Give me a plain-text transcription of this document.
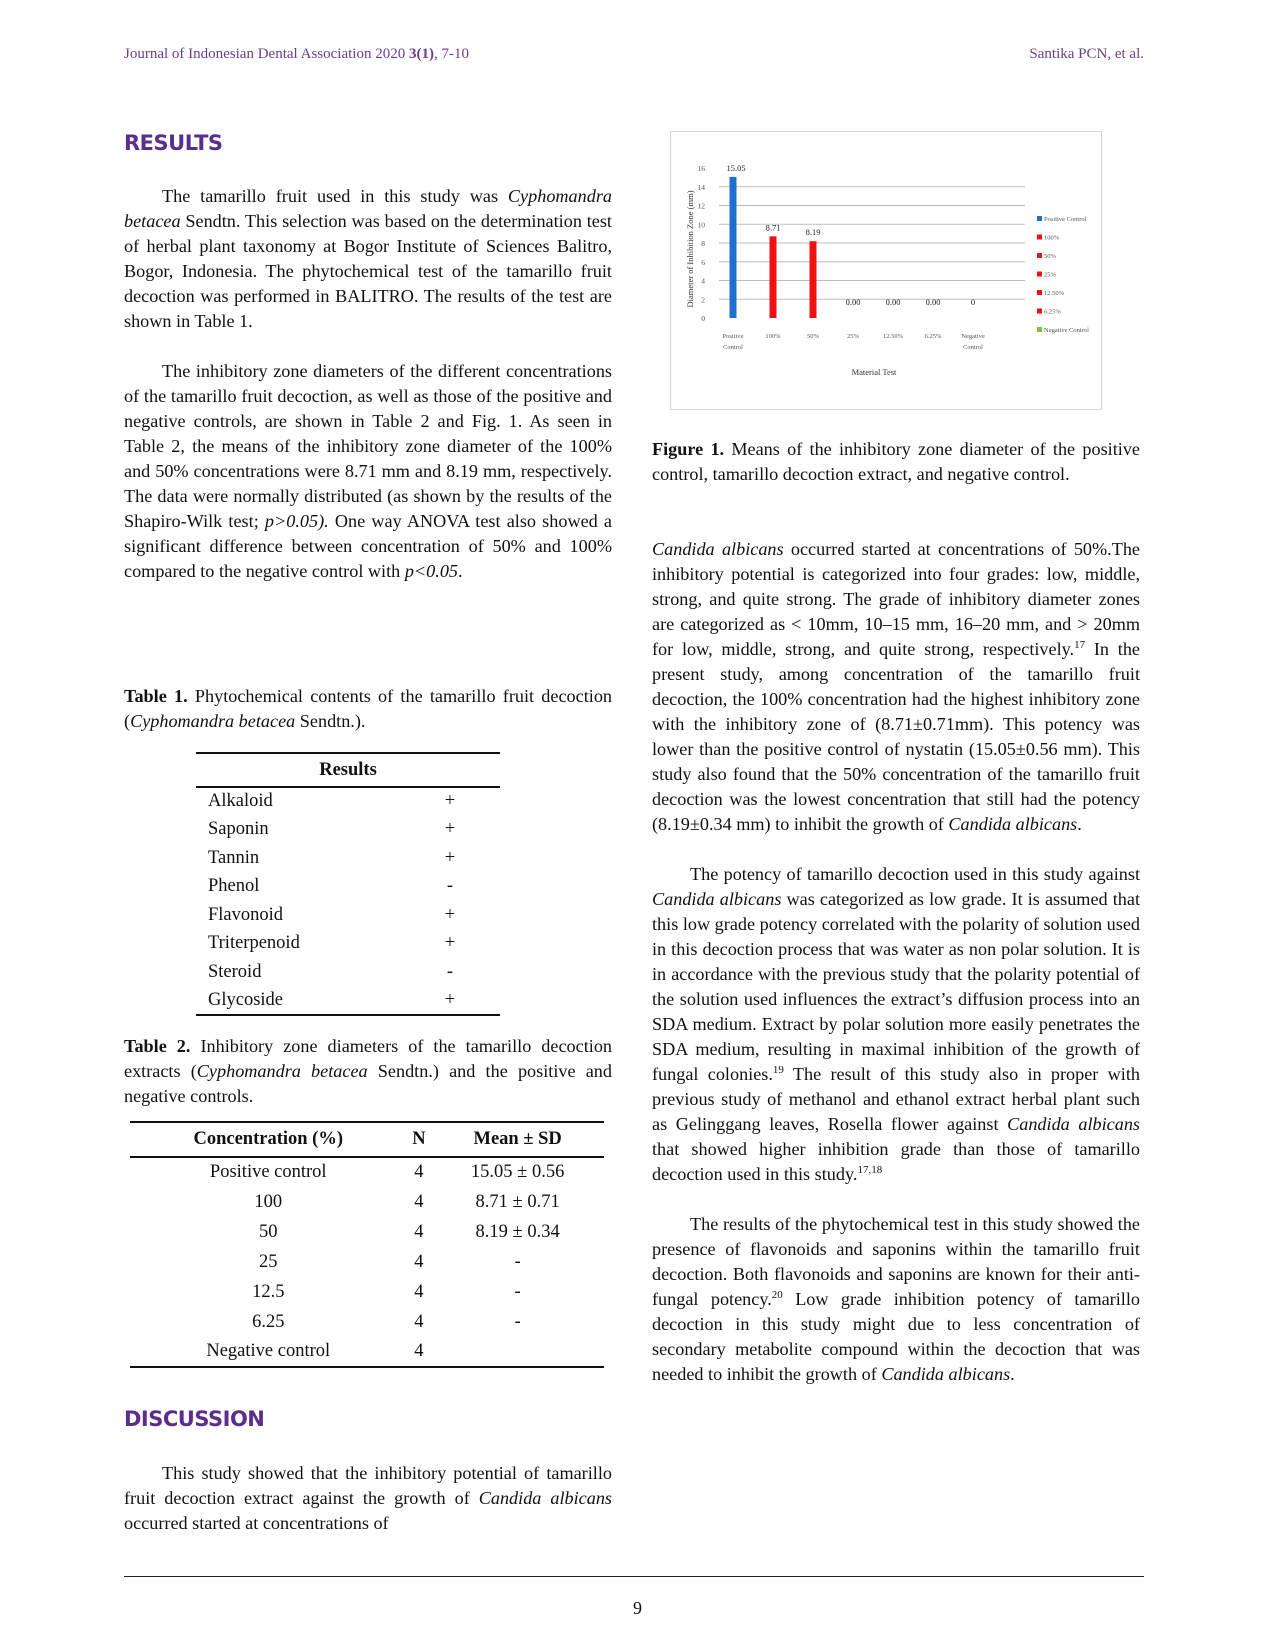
Journal of Indonesian Dental Association 2020 3(1), 7-10	Santika PCN, et al.
RESULTS

The tamarillo fruit used in this study was Cyphomandra betacea Sendtn. This selection was based on the determination test of herbal plant taxonomy at Bogor Institute of Sciences Balitro, Bogor, Indonesia. The phytochemical test of the tamarillo fruit decoction was performed in BALITRO. The results of the test are shown in Table 1.

The inhibitory zone diameters of the different concentrations of the tamarillo fruit decoction, as well as those of the positive and negative controls, are shown in Table 2 and Fig. 1. As seen in Table 2, the means of the inhibitory zone diameter of the 100% and 50% concentrations were 8.71 mm and 8.19 mm, respectively. The data were normally distributed (as shown by the results of the Shapiro-Wilk test; p>0.05). One way ANOVA test also showed a significant difference between concentration of 50% and 100% compared to the negative control with p<0.05.

Table 1. Phytochemical contents of the tamarillo fruit decoction (Cyphomandra betacea Sendtn.).
Results	
Alkaloid	+
Saponin	+
Tannin	+
Phenol	-
Flavonoid	+
Triterpenoid	+
Steroid	-
Glycoside	+
Table 2. Inhibitory zone diameters of the tamarillo decoction extracts (Cyphomandra betacea Sendtn.) and the positive and negative controls.
Concentration (%)	N	Mean ± SD
Positive control	4	15.05 ± 0.56
100	4	8.71 ± 0.71
50	4	8.19 ± 0.34
25	4	-
12.5	4	-
6.25	4	-
Negative control	4	
DISCUSSION

This study showed that the inhibitory potential of tamarillo fruit decoction extract against the growth of Candida albicans occurred started at concentrations of

0
2
4
6
8
10
12
14
16
Diameter of Inhibition Zone (mm)
15.05
Positive
Control
8.71
100%
8.19
50%
0.00
25%
0.00
12.50%
0.00
6.25%
0
Negative
Control
Material Test
Positive Control
100%
50%
25%
12.50%
6.25%
Negative Control
Figure 1. Means of the inhibitory zone diameter of the positive control, tamarillo decoction extract, and negative control.

Candida albicans occurred started at concentrations of 50%.The inhibitory potential is categorized into four grades: low, middle, strong, and quite strong. The grade of inhibitory diameter zones are categorized as < 10mm, 10–15 mm, 16–20 mm, and > 20mm for low, middle, strong, and quite strong, respectively.$^{17}$ In the present study, among concentration of the tamarillo fruit decoction, the 100% concentration had the highest inhibitory zone with the inhibitory zone of (8.71±0.71mm). This potency was lower than the positive control of nystatin (15.05±0.56 mm). This study also found that the 50% concentration of the tamarillo fruit decoction was the lowest concentration that still had the potency (8.19±0.34 mm) to inhibit the growth of Candida albicans.

The potency of tamarillo decoction used in this study against Candida albicans was categorized as low grade. It is assumed that this low grade potency correlated with the polarity of solution used in this decoction process that was water as non polar solution. It is in accordance with the previous study that the polarity potential of the solution used influences the extract’s diffusion process into an SDA medium. Extract by polar solution more easily penetrates the SDA medium, resulting in maximal inhibition of the growth of fungal colonies.$^{19}$ The result of this study also in proper with previous study of methanol and ethanol extract herbal plant such as Gelinggang leaves, Rosella flower against Candida albicans that showed higher inhibition grade than those of tamarillo decoction used in this study.$^{17,18}$

The results of the phytochemical test in this study showed the presence of flavonoids and saponins within the tamarillo fruit decoction. Both flavonoids and saponins are known for their anti-fungal potency.$^{20}$ Low grade inhibition potency of tamarillo decoction in this study might due to less concentration of secondary metabolite compound within the decoction that was needed to inhibit the growth of Candida albicans.

9
